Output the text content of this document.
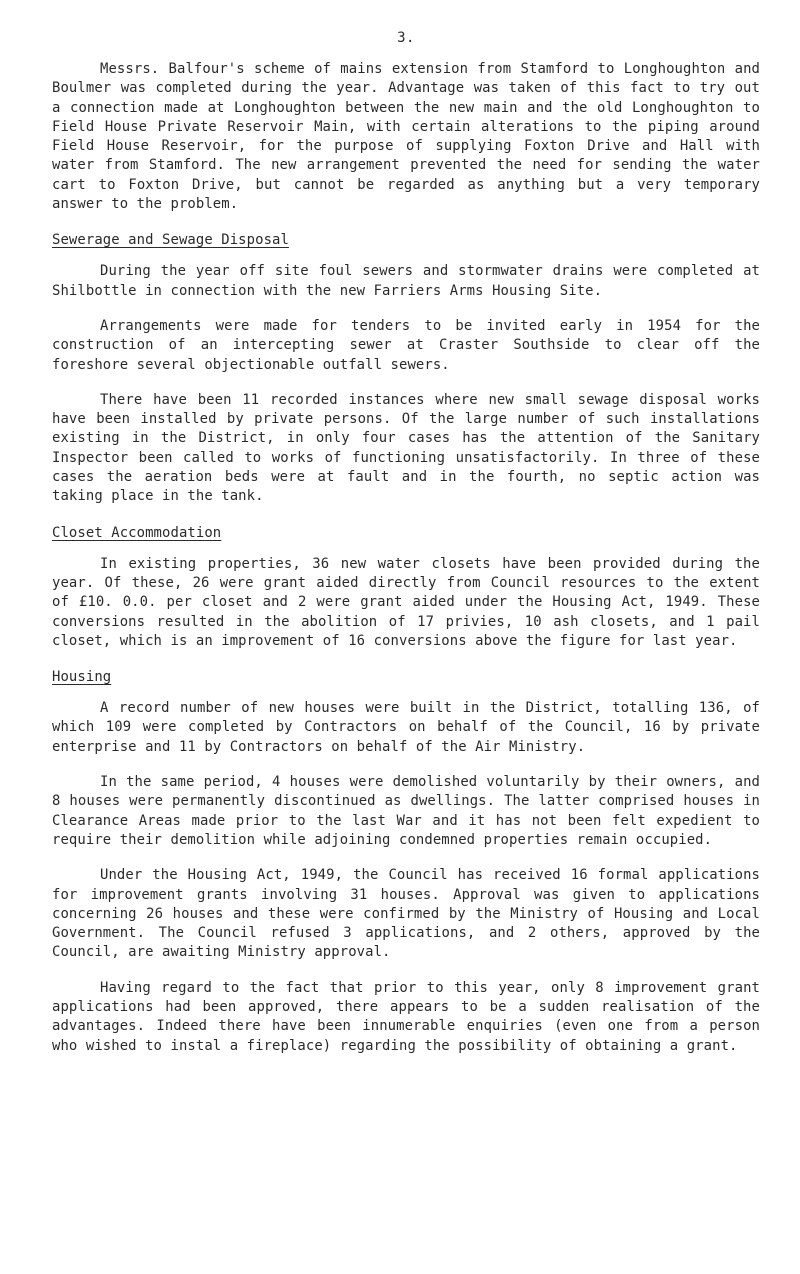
3.

Messrs. Balfour's scheme of mains extension from Stamford to Longhoughton and Boulmer was completed during the year. Advantage was taken of this fact to try out a connection made at Longhoughton between the new main and the old Longhoughton to Field House Private Reservoir Main, with certain alterations to the piping around Field House Reservoir, for the purpose of supplying Foxton Drive and Hall with water from Stamford. The new arrangement prevented the need for sending the water cart to Foxton Drive, but cannot be regarded as anything but a very temporary answer to the problem.

Sewerage and Sewage Disposal

During the year off site foul sewers and stormwater drains were completed at Shilbottle in connection with the new Farriers Arms Housing Site.

Arrangements were made for tenders to be invited early in 1954 for the construction of an intercepting sewer at Craster Southside to clear off the foreshore several objectionable outfall sewers.

There have been 11 recorded instances where new small sewage disposal works have been installed by private persons. Of the large number of such installations existing in the District, in only four cases has the attention of the Sanitary Inspector been called to works of functioning unsatisfactorily. In three of these cases the aeration beds were at fault and in the fourth, no septic action was taking place in the tank.

Closet Accommodation

In existing properties, 36 new water closets have been provided during the year. Of these, 26 were grant aided directly from Council resources to the extent of £10. 0.0. per closet and 2 were grant aided under the Housing Act, 1949. These conversions resulted in the abolition of 17 privies, 10 ash closets, and 1 pail closet, which is an improvement of 16 conversions above the figure for last year.

Housing

A record number of new houses were built in the District, totalling 136, of which 109 were completed by Contractors on behalf of the Council, 16 by private enterprise and 11 by Contractors on behalf of the Air Ministry.

In the same period, 4 houses were demolished voluntarily by their owners, and 8 houses were permanently discontinued as dwellings. The latter comprised houses in Clearance Areas made prior to the last War and it has not been felt expedient to require their demolition while adjoining condemned properties remain occupied.

Under the Housing Act, 1949, the Council has received 16 formal applications for improvement grants involving 31 houses. Approval was given to applications concerning 26 houses and these were confirmed by the Ministry of Housing and Local Government. The Council refused 3 applications, and 2 others, approved by the Council, are awaiting Ministry approval.

Having regard to the fact that prior to this year, only 8 improvement grant applications had been approved, there appears to be a sudden realisation of the advantages. Indeed there have been innumerable enquiries (even one from a person who wished to instal a fireplace) regarding the possibility of obtaining a grant.
